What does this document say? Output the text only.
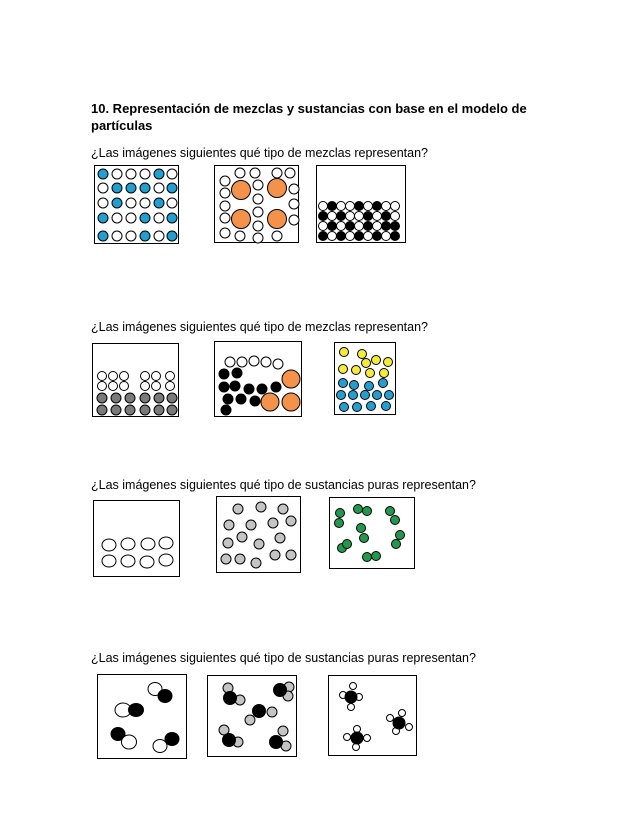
10. Representación de mezclas y sustancias con base en el modelo de partículas
¿Las imágenes siguientes qué tipo de mezclas representan?
¿Las imágenes siguientes qué tipo de mezclas representan?
¿Las imágenes siguientes qué tipo de sustancias puras representan?
¿Las imágenes siguientes qué tipo de sustancias puras representan?
